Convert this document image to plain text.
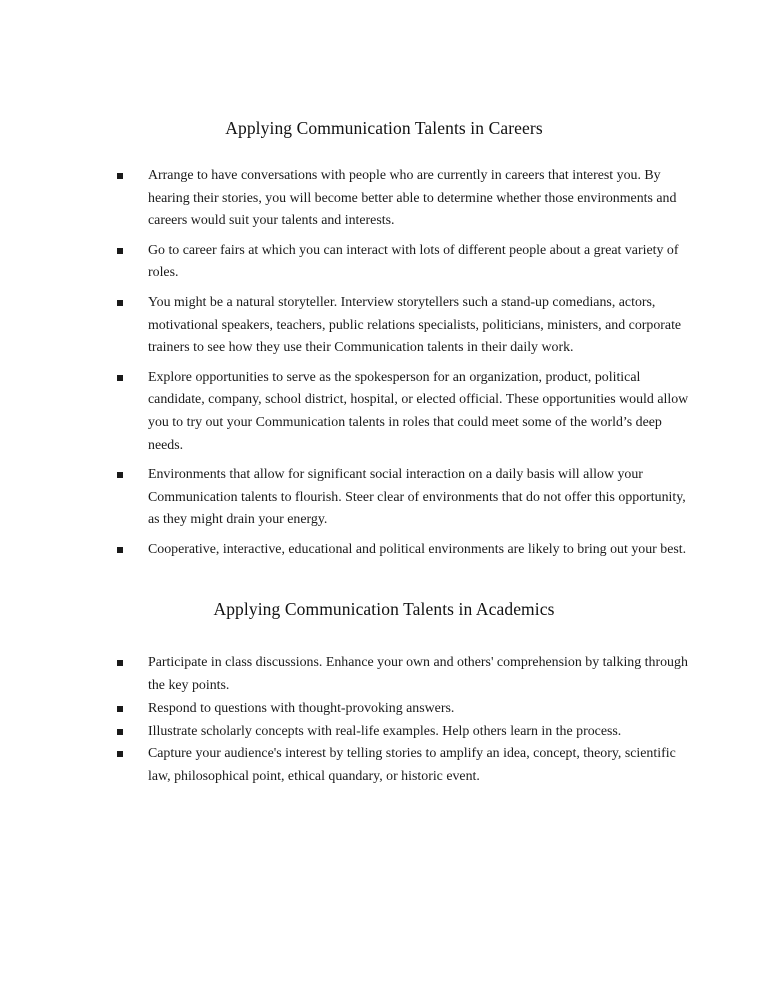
Applying Communication Talents in Careers
Arrange to have conversations with people who are currently in careers that interest you. By hearing their stories, you will become better able to determine whether those environments and careers would suit your talents and interests.
Go to career fairs at which you can interact with lots of different people about a great variety of roles.
You might be a natural storyteller. Interview storytellers such a stand-up comedians, actors, motivational speakers, teachers, public relations specialists, politicians, ministers, and corporate trainers to see how they use their Communication talents in their daily work.
Explore opportunities to serve as the spokesperson for an organization, product, political candidate, company, school district, hospital, or elected official. These opportunities would allow you to try out your Communication talents in roles that could meet some of the world’s deep needs.
Environments that allow for significant social interaction on a daily basis will allow your Communication talents to flourish. Steer clear of environments that do not offer this opportunity, as they might drain your energy.
Cooperative, interactive, educational and political environments are likely to bring out your best.
Applying Communication Talents in Academics
Participate in class discussions. Enhance your own and others' comprehension by talking through the key points.
Respond to questions with thought-provoking answers.
Illustrate scholarly concepts with real-life examples. Help others learn in the process.
Capture your audience's interest by telling stories to amplify an idea, concept, theory, scientific law, philosophical point, ethical quandary, or historic event.
